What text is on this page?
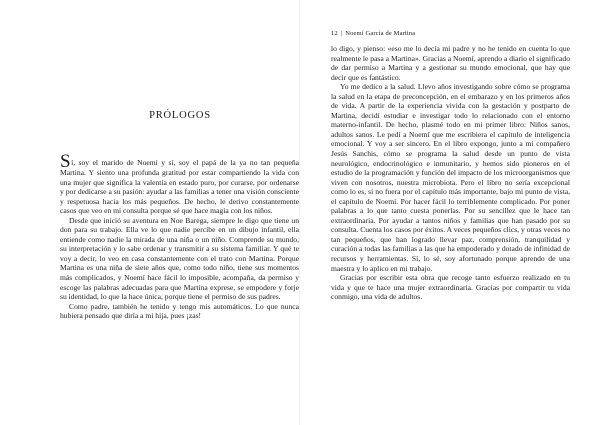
PRÓLOGOS

Sí, soy el marido de Noemí y sí, soy el papá de la ya no tan pequeña Martina. Y siento una profunda gratitud por estar compartiendo la vida con una mujer que significa la valentía en estado puro, por curarse, por ordenarse y por dedicarse a su pasión: ayudar a las familias a tener una visión consciente y respetuosa hacia los más pequeños. De hecho, le derivo constantemente casos que veo en mi consulta porque sé que hace magia con los niños.

Desde que inició su aventura en Noe Barega, siempre le digo que tiene un don para su trabajo. Ella ve lo que nadie percibe en un dibujo infantil, ella entiende como nadie la mirada de una niña o un niño. Comprende su mundo, su interpretación y lo sabe ordenar y transmitir a su sistema familiar. Y qué te voy a decir, lo veo en casa constantemente con el trato con Martina. Porque Martina es una niña de siete años que, como todo niño, tiene sus momentos más complicados, y Noemí hace fácil lo imposible, acompaña, da permiso y escoge las palabras adecuadas para que Martina exprese, se empodere y forje su identidad, lo que la hace única, porque tiene el permiso de sus padres.

Como padre, también he tenido y tengo mis automáticos. Lo que nunca hubiera pensado que diría a mi hija, pues ¡zas!

12 | Noemí García de Martina

lo digo, y pienso: «eso me lo decía mi padre y no he tenido en cuenta lo que realmente le pasa a Martina». Gracias a Noemí, aprendo a diario el significado de dar permiso a Martina y a gestionar su mundo emocional, que hay que decir que es fantástico.

Yo me dedico a la salud. Llevo años investigando sobre cómo se programa la salud en la etapa de preconcepción, en el embarazo y en los primeros años de vida. A partir de la experiencia vivida con la gestación y postparto de Martina, decidí estudiar e investigar todo lo relacionado con el entorno materno-infantil. De hecho, plasmé todo en mi primer libro: Niños sanos, adultos sanos. Le pedí a Noemí que me escribiera el capítulo de inteligencia emocional. Y voy a ser sincero. En el libro expongo, junto a mi compañero Jesús Sanchis, cómo se programa la salud desde un punto de vista neurológico, endocrinológico e inmunitario, y hemos sido pioneros en el estudio de la programación y función del impacto de los microorganismos que viven con nosotros, nuestra microbiota. Pero el libro no sería excepcional como lo es, si no fuera por el capítulo más importante, bajo mi punto de vista, el capítulo de Noemí. Por hacer fácil lo terriblemente complicado. Por poner palabras a lo que tanto cuesta ponerlas. Por su sencillez que le hace tan extraordinaria. Por ayudar a tantos niños y familias que han pasado por su consulta. Cuenta los casos por éxitos. A veces pequeños clics, y otras veces no tan pequeños, que han logrado llevar paz, comprensión, tranquilidad y curación a todas las familias a las que ha empoderado y dotado de infinidad de recursos y herramientas. Sí, lo sé, soy afortunado porque aprendo de una maestra y lo aplico en mi trabajo.

Gracias por escribir esta obra que recoge tanto esfuerzo realizado en tu vida y que te hace una mujer extraordinaria. Gracias por compartir tu vida conmigo, una vida de adultos.
